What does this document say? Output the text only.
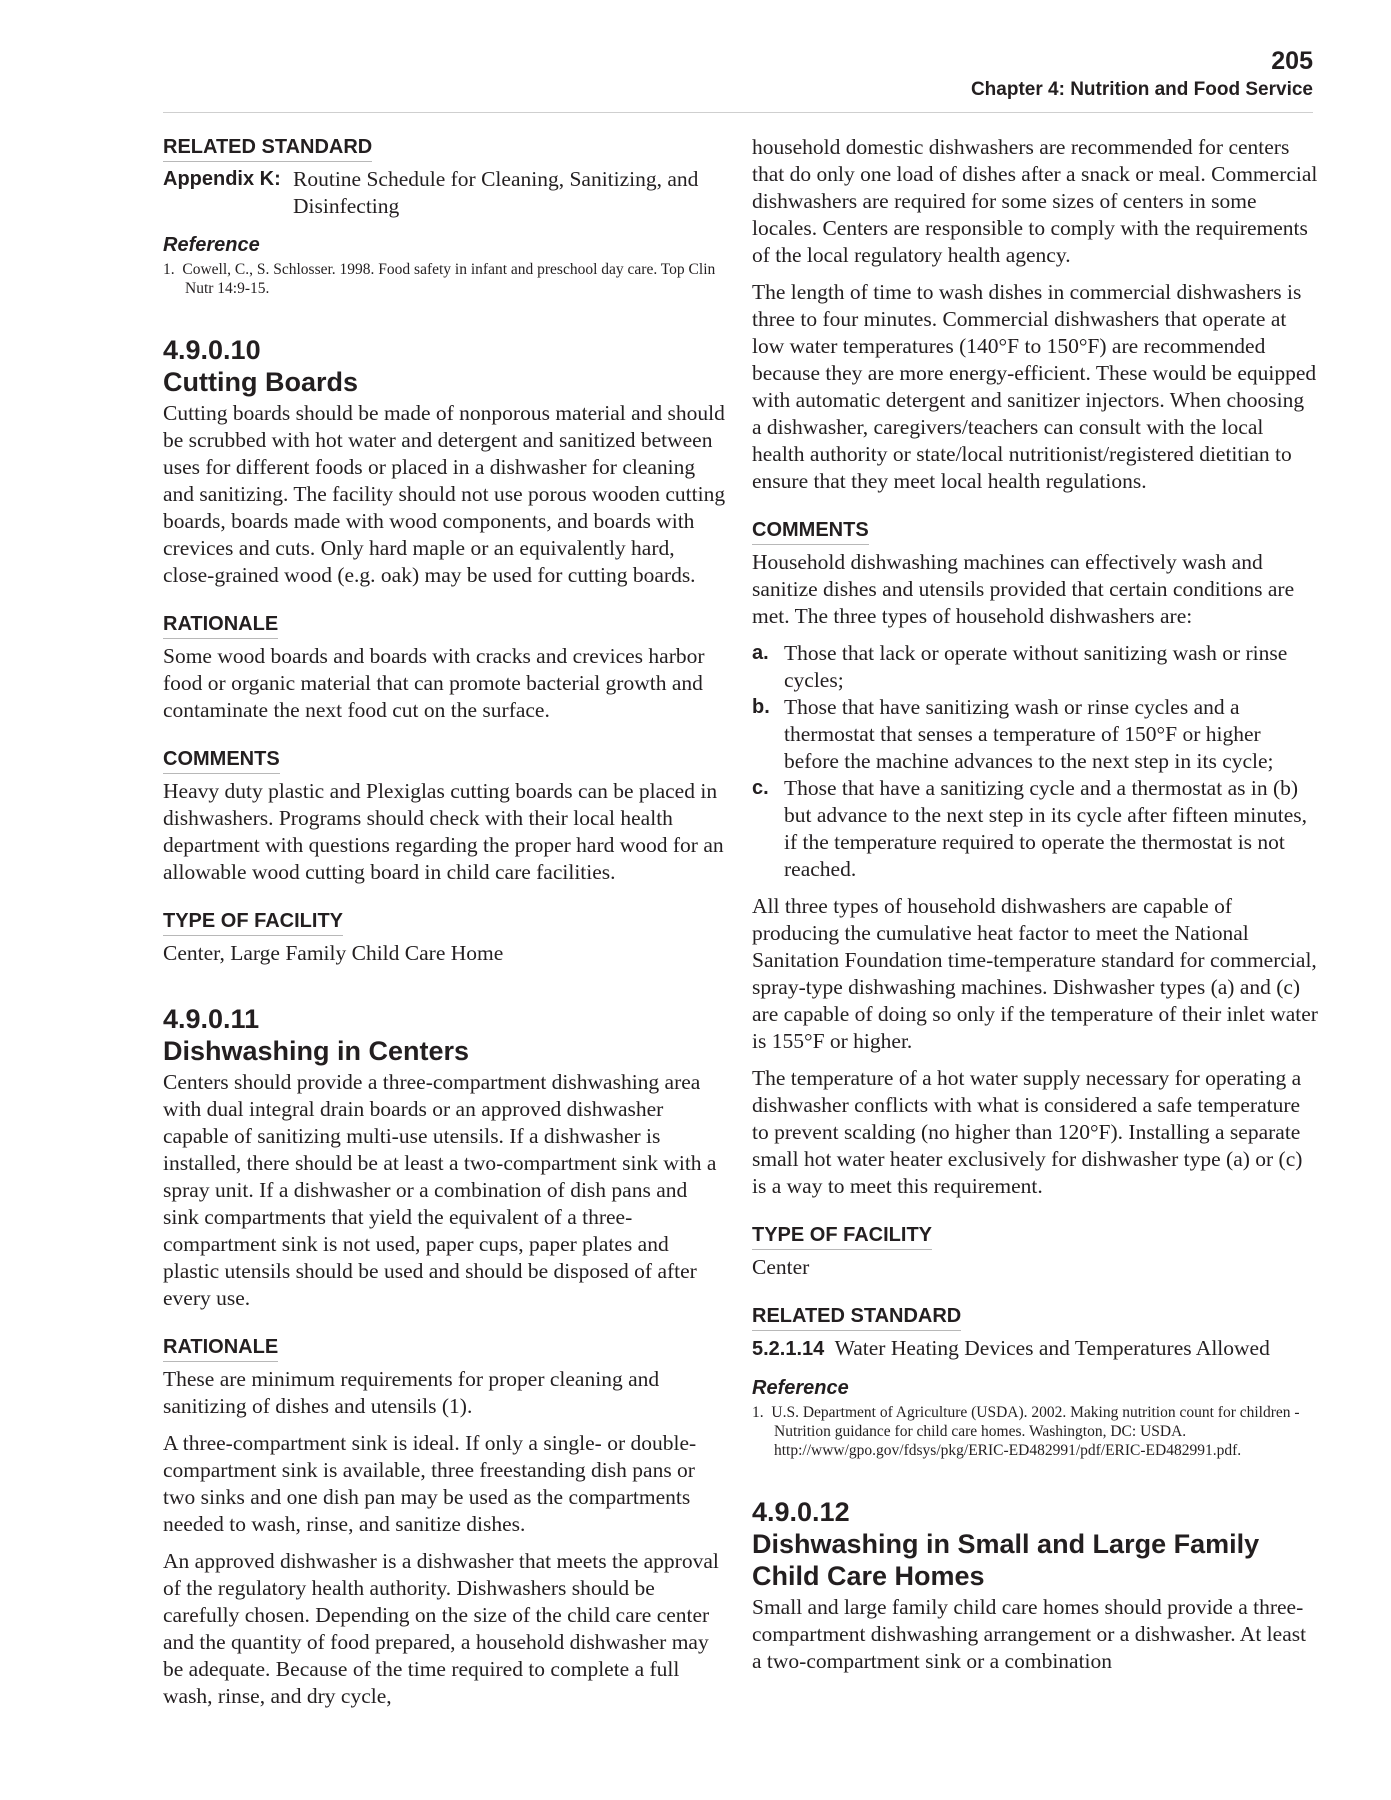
205
Chapter 4: Nutrition and Food Service
RELATED STANDARD
Appendix K: Routine Schedule for Cleaning, Sanitizing, and Disinfecting
Reference

1.  Cowell, C., S. Schlosser. 1998. Food safety in infant and preschool day care. Top Clin Nutr 14:9-15.

4.9.0.10
Cutting Boards

Cutting boards should be made of nonporous material and should be scrubbed with hot water and detergent and sanitized between uses for different foods or placed in a dishwasher for cleaning and sanitizing. The facility should not use porous wooden cutting boards, boards made with wood components, and boards with crevices and cuts. Only hard maple or an equivalently hard, close-grained wood (e.g. oak) may be used for cutting boards.

RATIONALE

Some wood boards and boards with cracks and crevices harbor food or organic material that can promote bacterial growth and contaminate the next food cut on the surface.

COMMENTS

Heavy duty plastic and Plexiglas cutting boards can be placed in dishwashers. Programs should check with their local health department with questions regarding the proper hard wood for an allowable wood cutting board in child care facilities.

TYPE OF FACILITY

Center, Large Family Child Care Home

4.9.0.11
Dishwashing in Centers

Centers should provide a three-compartment dishwashing area with dual integral drain boards or an approved dishwasher capable of sanitizing multi-use utensils. If a dishwasher is installed, there should be at least a two-compartment sink with a spray unit. If a dishwasher or a combination of dish pans and sink compartments that yield the equivalent of a three-compartment sink is not used, paper cups, paper plates and plastic utensils should be used and should be disposed of after every use.

RATIONALE

These are minimum requirements for proper cleaning and sanitizing of dishes and utensils (1).

A three-compartment sink is ideal. If only a single- or double-compartment sink is available, three freestanding dish pans or two sinks and one dish pan may be used as the compartments needed to wash, rinse, and sanitize dishes.

An approved dishwasher is a dishwasher that meets the approval of the regulatory health authority. Dishwashers should be carefully chosen. Depending on the size of the child care center and the quantity of food prepared, a household dishwasher may be adequate. Because of the time required to complete a full wash, rinse, and dry cycle,

household domestic dishwashers are recommended for centers that do only one load of dishes after a snack or meal. Commercial dishwashers are required for some sizes of centers in some locales. Centers are responsible to comply with the requirements of the local regulatory health agency.

The length of time to wash dishes in commercial dishwashers is three to four minutes. Commercial dishwashers that operate at low water temperatures (140°F to 150°F) are recommended because they are more energy-efficient. These would be equipped with automatic detergent and sanitizer injectors. When choosing a dishwasher, caregivers/teachers can consult with the local health authority or state/local nutritionist/registered dietitian to ensure that they meet local health regulations.

COMMENTS

Household dishwashing machines can effectively wash and sanitize dishes and utensils provided that certain conditions are met. The three types of household dishwashers are:

a. Those that lack or operate without sanitizing wash or rinse cycles;
b. Those that have sanitizing wash or rinse cycles and a thermostat that senses a temperature of 150°F or higher before the machine advances to the next step in its cycle;
c. Those that have a sanitizing cycle and a thermostat as in (b) but advance to the next step in its cycle after fifteen minutes, if the temperature required to operate the thermostat is not reached.

All three types of household dishwashers are capable of producing the cumulative heat factor to meet the National Sanitation Foundation time-temperature standard for commercial, spray-type dishwashing machines. Dishwasher types (a) and (c) are capable of doing so only if the temperature of their inlet water is 155°F or higher.

The temperature of a hot water supply necessary for operating a dishwasher conflicts with what is considered a safe temperature to prevent scalding (no higher than 120°F). Installing a separate small hot water heater exclusively for dishwasher type (a) or (c) is a way to meet this requirement.

TYPE OF FACILITY

Center

RELATED STANDARD

5.2.1.14 Water Heating Devices and Temperatures Allowed

Reference

1.  U.S. Department of Agriculture (USDA). 2002. Making nutrition count for children - Nutrition guidance for child care homes. Washington, DC: USDA. http://www/gpo.gov/fdsys/pkg/ERIC-ED482991/pdf/ERIC-ED482991.pdf.

4.9.0.12
Dishwashing in Small and Large Family Child Care Homes

Small and large family child care homes should provide a three-compartment dishwashing arrangement or a dishwasher. At least a two-compartment sink or a combination
